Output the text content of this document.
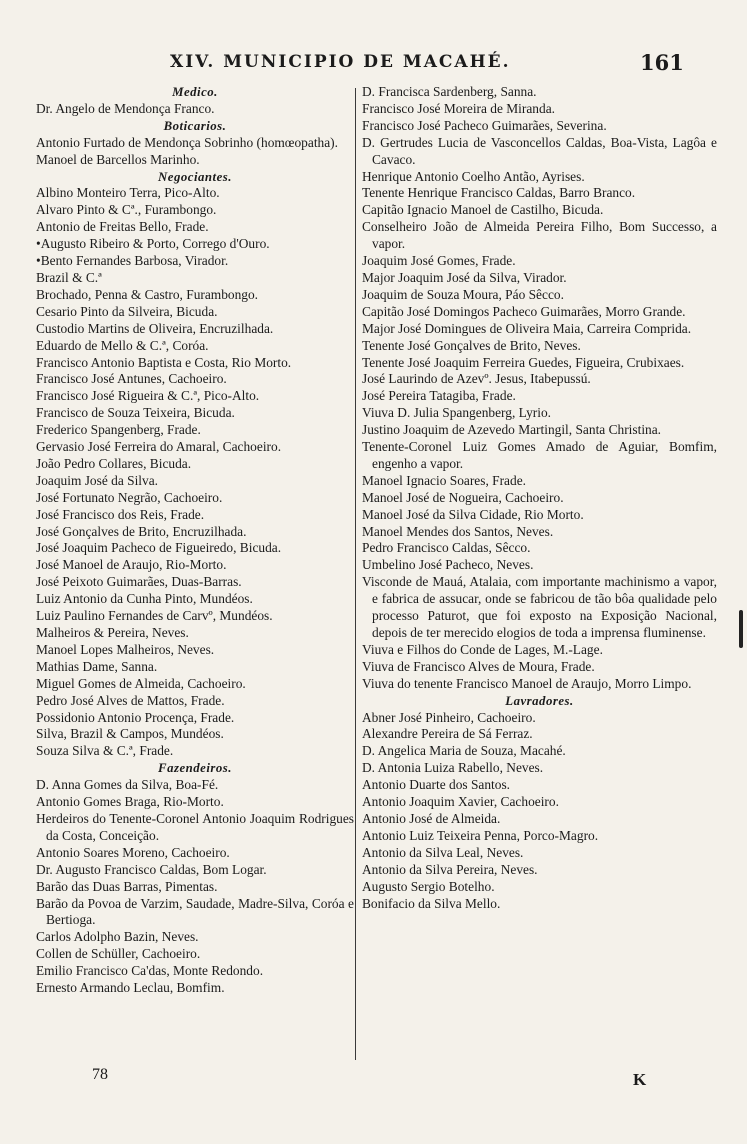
XIV. MUNICIPIO DE MACAHÉ.	161
Medico.
Dr. Angelo de Mendonça Franco.
Boticarios.
Antonio Furtado de Mendonça Sobrinho (homœopatha).
Manoel de Barcellos Marinho.
Negociantes.
Albino Monteiro Terra, Pico-Alto.
Alvaro Pinto & Cª., Furambongo.
Antonio de Freitas Bello, Frade.
•Augusto Ribeiro & Porto, Corrego d'Ouro.
•Bento Fernandes Barbosa, Virador.
Brazil & C.ª
Brochado, Penna & Castro, Furambongo.
Cesario Pinto da Silveira, Bicuda.
Custodio Martins de Oliveira, Encruzilhada.
Eduardo de Mello & C.ª, Coróa.
Francisco Antonio Baptista e Costa, Rio Morto.
Francisco José Antunes, Cachoeiro.
Francisco José Rigueira & C.ª, Pico-Alto.
Francisco de Souza Teixeira, Bicuda.
Frederico Spangenberg, Frade.
Gervasio José Ferreira do Amaral, Cachoeiro.
João Pedro Collares, Bicuda.
Joaquim José da Silva.
José Fortunato Negrão, Cachoeiro.
José Francisco dos Reis, Frade.
José Gonçalves de Brito, Encruzilhada.
José Joaquim Pacheco de Figueiredo, Bicuda.
José Manoel de Araujo, Rio-Morto.
José Peixoto Guimarães, Duas-Barras.
Luiz Antonio da Cunha Pinto, Mundéos.
Luiz Paulino Fernandes de Carvº, Mundéos.
Malheiros & Pereira, Neves.
Manoel Lopes Malheiros, Neves.
Mathias Dame, Sanna.
Miguel Gomes de Almeida, Cachoeiro.
Pedro José Alves de Mattos, Frade.
Possidonio Antonio Procença, Frade.
Silva, Brazil & Campos, Mundéos.
Souza Silva & C.ª, Frade.
Fazendeiros.
D. Anna Gomes da Silva, Boa-Fé.
Antonio Gomes Braga, Rio-Morto.
Herdeiros do Tenente-Coronel Antonio Joaquim Rodrigues da Costa, Conceição.
Antonio Soares Moreno, Cachoeiro.
Dr. Augusto Francisco Caldas, Bom Logar.
Barão das Duas Barras, Pimentas.
Barão da Povoa de Varzim, Saudade, Madre-Silva, Coróa e Bertioga.
Carlos Adolpho Bazin, Neves.
Collen de Schüller, Cachoeiro.
Emilio Francisco Ca'das, Monte Redondo.
Ernesto Armando Leclau, Bomfim.
D. Francisca Sardenberg, Sanna.
Francisco José Moreira de Miranda.
Francisco José Pacheco Guimarães, Severina.
D. Gertrudes Lucia de Vasconcellos Caldas, Boa-Vista, Lagôa e Cavaco.
Henrique Antonio Coelho Antão, Ayrises.
Tenente Henrique Francisco Caldas, Barro Branco.
Capitão Ignacio Manoel de Castilho, Bicuda.
Conselheiro João de Almeida Pereira Filho, Bom Successo, a vapor.
Joaquim José Gomes, Frade.
Major Joaquim José da Silva, Virador.
Joaquim de Souza Moura, Páo Sêcco.
Capitão José Domingos Pacheco Guimarães, Morro Grande.
Major José Domingues de Oliveira Maia, Carreira Comprida.
Tenente José Gonçalves de Brito, Neves.
Tenente José Joaquim Ferreira Guedes, Figueira, Crubixaes.
José Laurindo de Azevº. Jesus, Itabepussú.
José Pereira Tatagiba, Frade.
Viuva D. Julia Spangenberg, Lyrio.
Justino Joaquim de Azevedo Martingil, Santa Christina.
Tenente-Coronel Luiz Gomes Amado de Aguiar, Bomfim, engenho a vapor.
Manoel Ignacio Soares, Frade.
Manoel José de Nogueira, Cachoeiro.
Manoel José da Silva Cidade, Rio Morto.
Manoel Mendes dos Santos, Neves.
Pedro Francisco Caldas, Sêcco.
Umbelino José Pacheco, Neves.
Visconde de Mauá, Atalaia, com importante machinismo a vapor, e fabrica de assucar, onde se fabricou de tão bôa qualidade pelo processo Paturot, que foi exposto na Exposição Nacional, depois de ter merecido elogios de toda a imprensa fluminense.
Viuva e Filhos do Conde de Lages, M.-Lage.
Viuva de Francisco Alves de Moura, Frade.
Viuva do tenente Francisco Manoel de Araujo, Morro Limpo.
Lavradores.
Abner José Pinheiro, Cachoeiro.
Alexandre Pereira de Sá Ferraz.
D. Angelica Maria de Souza, Macahé.
D. Antonia Luiza Rabello, Neves.
Antonio Duarte dos Santos.
Antonio Joaquim Xavier, Cachoeiro.
Antonio José de Almeida.
Antonio Luiz Teixeira Penna, Porco-Magro.
Antonio da Silva Leal, Neves.
Antonio da Silva Pereira, Neves.
Augusto Sergio Botelho.
Bonifacio da Silva Mello.
78	K
